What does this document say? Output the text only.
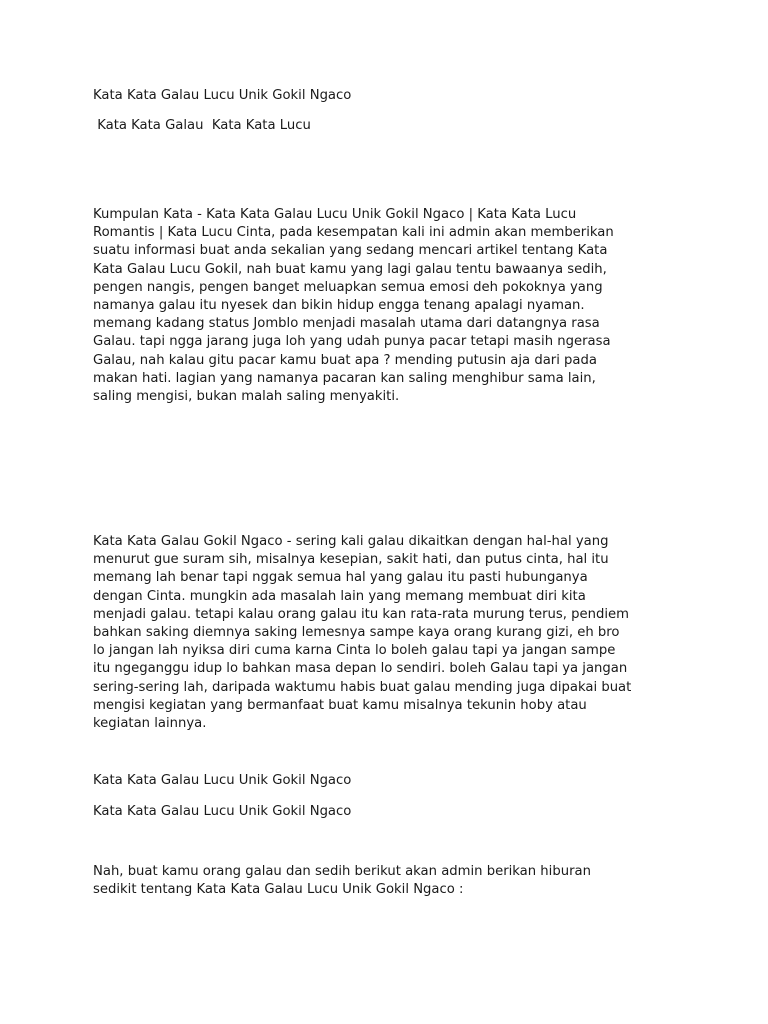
Kata Kata Galau Lucu Unik Gokil Ngaco
Kata Kata Galau  Kata Kata Lucu
Kumpulan Kata - Kata Kata Galau Lucu Unik Gokil Ngaco | Kata Kata Lucu
Romantis | Kata Lucu Cinta, pada kesempatan kali ini admin akan memberikan
suatu informasi buat anda sekalian yang sedang mencari artikel tentang Kata
Kata Galau Lucu Gokil, nah buat kamu yang lagi galau tentu bawaanya sedih,
pengen nangis, pengen banget meluapkan semua emosi deh pokoknya yang
namanya galau itu nyesek dan bikin hidup engga tenang apalagi nyaman.
memang kadang status Jomblo menjadi masalah utama dari datangnya rasa
Galau. tapi ngga jarang juga loh yang udah punya pacar tetapi masih ngerasa
Galau, nah kalau gitu pacar kamu buat apa ? mending putusin aja dari pada
makan hati. lagian yang namanya pacaran kan saling menghibur sama lain,
saling mengisi, bukan malah saling menyakiti.
Kata Kata Galau Gokil Ngaco - sering kali galau dikaitkan dengan hal-hal yang
menurut gue suram sih, misalnya kesepian, sakit hati, dan putus cinta, hal itu
memang lah benar tapi nggak semua hal yang galau itu pasti hubunganya
dengan Cinta. mungkin ada masalah lain yang memang membuat diri kita
menjadi galau. tetapi kalau orang galau itu kan rata-rata murung terus, pendiem
bahkan saking diemnya saking lemesnya sampe kaya orang kurang gizi, eh bro
lo jangan lah nyiksa diri cuma karna Cinta lo boleh galau tapi ya jangan sampe
itu ngeganggu idup lo bahkan masa depan lo sendiri. boleh Galau tapi ya jangan
sering-sering lah, daripada waktumu habis buat galau mending juga dipakai buat
mengisi kegiatan yang bermanfaat buat kamu misalnya tekunin hoby atau
kegiatan lainnya.
Kata Kata Galau Lucu Unik Gokil Ngaco
Kata Kata Galau Lucu Unik Gokil Ngaco
Nah, buat kamu orang galau dan sedih berikut akan admin berikan hiburan
sedikit tentang Kata Kata Galau Lucu Unik Gokil Ngaco :
